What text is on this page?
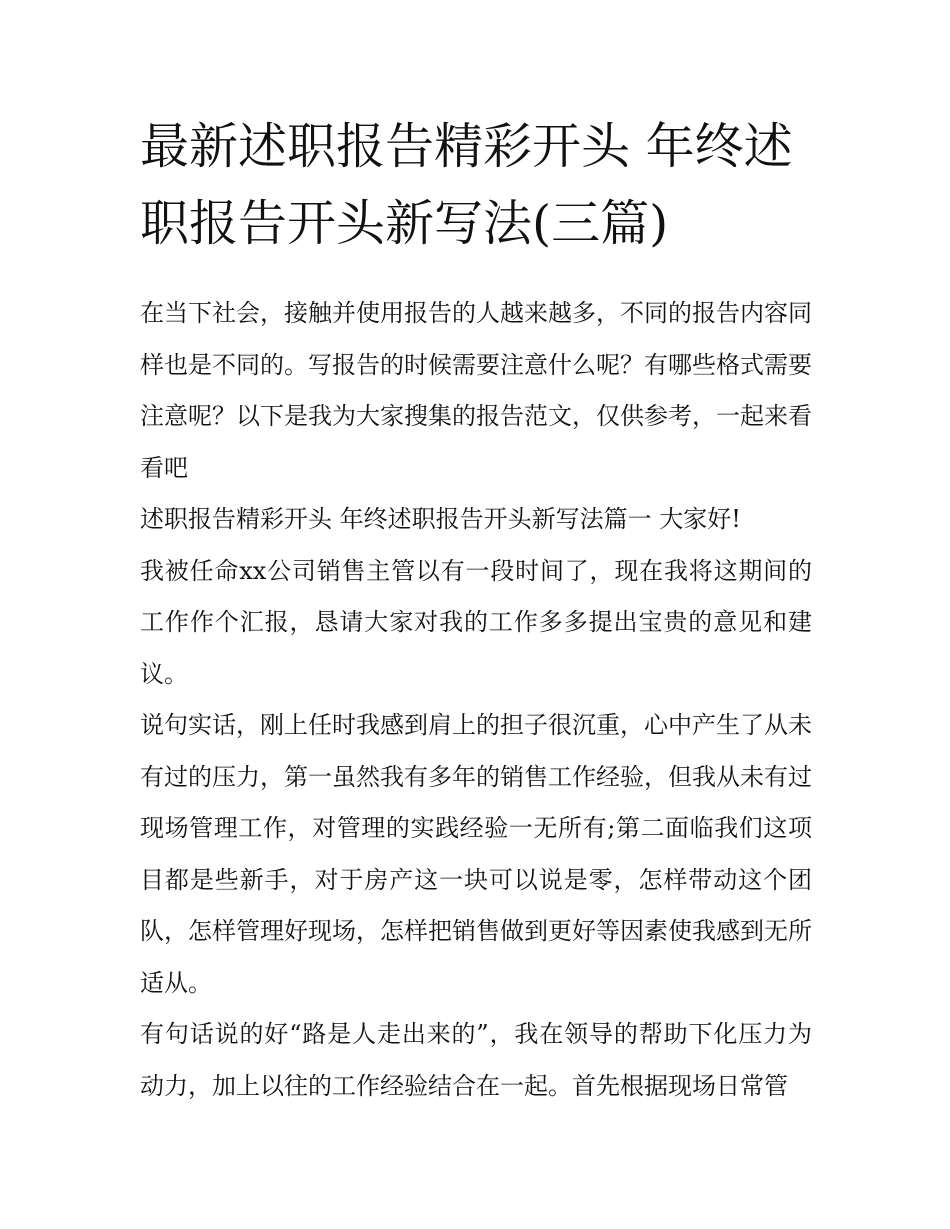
最新述职报告精彩开头 年终述职报告开头新写法(三篇)

在当下社会，接触并使用报告的人越来越多，不同的报告内容同样也是不同的。写报告的时候需要注意什么呢？有哪些格式需要注意呢？以下是我为大家搜集的报告范文，仅供参考，一起来看看吧

述职报告精彩开头 年终述职报告开头新写法篇一 大家好!

我被任命xx公司销售主管以有一段时间了，现在我将这期间的工作作个汇报，恳请大家对我的工作多多提出宝贵的意见和建议。

说句实话，刚上任时我感到肩上的担子很沉重，心中产生了从未有过的压力，第一虽然我有多年的销售工作经验，但我从未有过现场管理工作，对管理的实践经验一无所有;第二面临我们这项目都是些新手，对于房产这一块可以说是零，怎样带动这个团队，怎样管理好现场，怎样把销售做到更好等因素使我感到无所适从。

有句话说的好“路是人走出来的”，我在领导的帮助下化压力为动力，加上以往的工作经验结合在一起。首先根据现场日常管
